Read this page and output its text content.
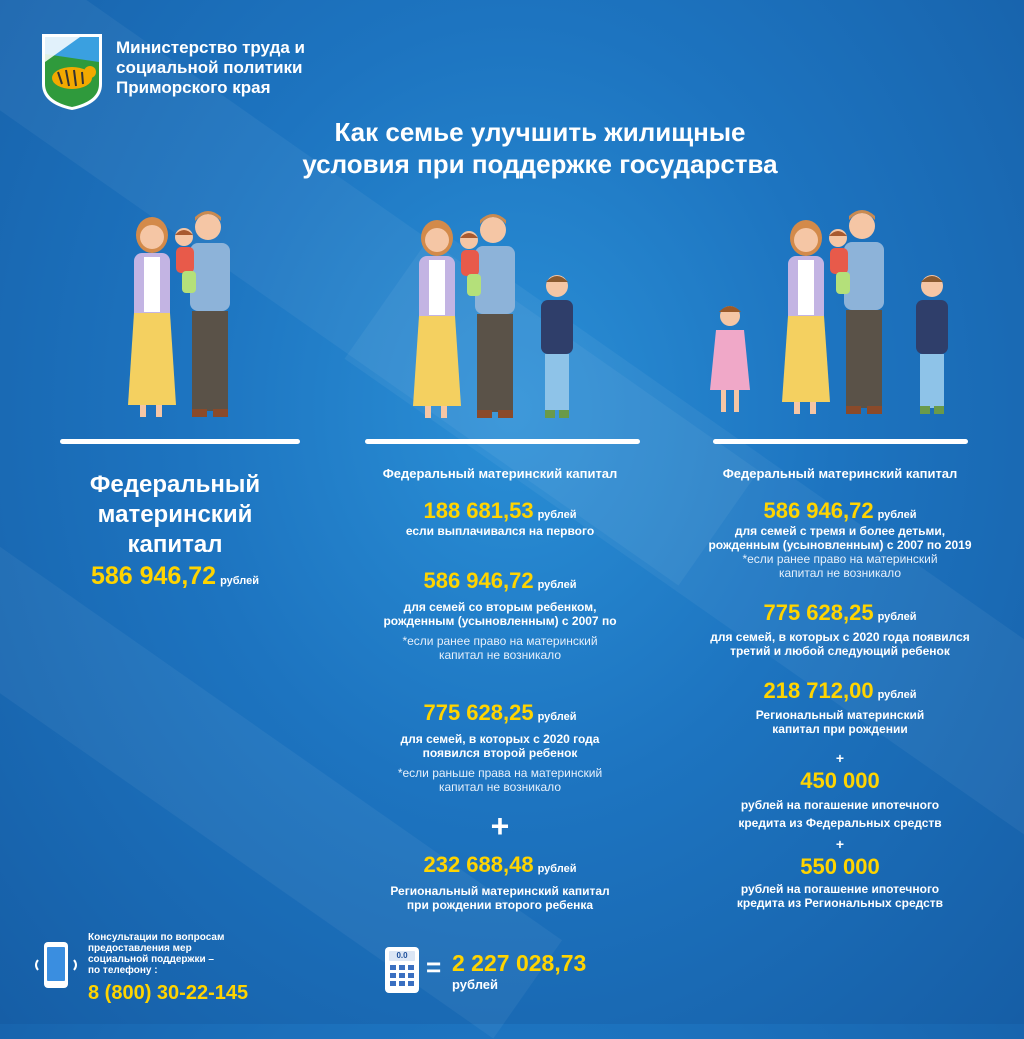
Министерство труда и
социальной политики
Приморского края
Как семье улучшить жилищные
условия при поддержке государства
Федеральный
материнский
капитал
586 946,72 рублей
Федеральный материнский капитал
188 681,53 рублей
если выплачивался на первого
586 946,72 рублей
для семей со вторым ребенком,
рожденным (усыновленным) с 2007 по
*если ранее право на материнский
капитал не возникало
775 628,25 рублей
для семей, в которых с 2020 года
появился второй ребенок
*если раньше права на материнский
капитал не возникало
+
232 688,48 рублей
Региональный материнский капитал
при рождении второго ребенка
Федеральный материнский капитал
586 946,72 рублей
для семей с тремя и более детьми,
рожденным (усыновленным) с 2007 по 2019
*если ранее право на материнский
капитал не возникало
775 628,25 рублей
для семей, в которых с 2020 года появился
третий и любой следующий ребенок
218 712,00 рублей
Региональный материнский
капитал при рождении
+
450 000
рублей на погашение ипотечного
кредита из Федеральных средств
+
550 000
рублей на погашение ипотечного
кредита из Региональных средств
Консультации по вопросам
предоставления мер
социальной поддержки –
по телефону :
8 (800) 30-22-145
0.0 = 2 227 028,73
рублей
